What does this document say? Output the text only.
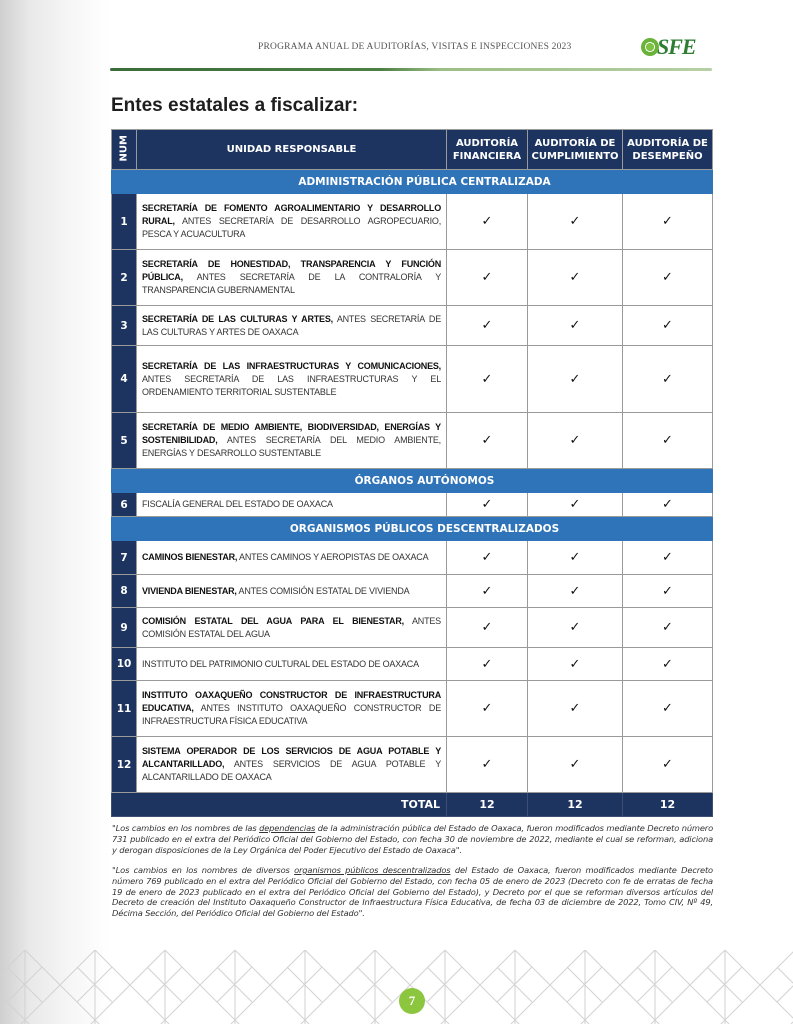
PROGRAMA ANUAL DE AUDITORÍAS, VISITAS E INSPECCIONES 2023	SFE
Entes estatales a fiscalizar:
NUM	UNIDAD RESPONSABLE	AUDITORÍA FINANCIERA	AUDITORÍA DE CUMPLIMIENTO	AUDITORÍA DE DESEMPEÑO
	ADMINISTRACIÓN PÚBLICA CENTRALIZADA			
1	SECRETARÍA DE FOMENTO AGROALIMENTARIO Y DESARROLLO RURAL, ANTES SECRETARÍA DE DESARROLLO AGROPECUARIO, PESCA Y ACUACULTURA	✓	✓	✓
2	SECRETARÍA DE HONESTIDAD, TRANSPARENCIA Y FUNCIÓN PÚBLICA, ANTES SECRETARÍA DE LA CONTRALORÍA Y TRANSPARENCIA GUBERNAMENTAL	✓	✓	✓
3	SECRETARÍA DE LAS CULTURAS Y ARTES, ANTES SECRETARÍA DE LAS CULTURAS Y ARTES DE OAXACA	✓	✓	✓
4	SECRETARÍA DE LAS INFRAESTRUCTURAS Y COMUNICACIONES, ANTES SECRETARÍA DE LAS INFRAESTRUCTURAS Y EL ORDENAMIENTO TERRITORIAL SUSTENTABLE	✓	✓	✓
5	SECRETARÍA DE MEDIO AMBIENTE, BIODIVERSIDAD, ENERGÍAS Y SOSTENIBILIDAD, ANTES SECRETARÍA DEL MEDIO AMBIENTE, ENERGÍAS Y DESARROLLO SUSTENTABLE	✓	✓	✓
	ÓRGANOS AUTÓNOMOS			
6	FISCALÍA GENERAL DEL ESTADO DE OAXACA	✓	✓	✓
	ORGANISMOS PÚBLICOS DESCENTRALIZADOS			
7	CAMINOS BIENESTAR, ANTES CAMINOS Y AEROPISTAS DE OAXACA	✓	✓	✓
8	VIVIENDA BIENESTAR, ANTES COMISIÓN ESTATAL DE VIVIENDA	✓	✓	✓
9	COMISIÓN ESTATAL DEL AGUA PARA EL BIENESTAR, ANTES COMISIÓN ESTATAL DEL AGUA	✓	✓	✓
10	INSTITUTO DEL PATRIMONIO CULTURAL DEL ESTADO DE OAXACA	✓	✓	✓
11	INSTITUTO OAXAQUEÑO CONSTRUCTOR DE INFRAESTRUCTURA EDUCATIVA, ANTES INSTITUTO OAXAQUEÑO CONSTRUCTOR DE INFRAESTRUCTURA FÍSICA EDUCATIVA	✓	✓	✓
12	SISTEMA OPERADOR DE LOS SERVICIOS DE AGUA POTABLE Y ALCANTARILLADO, ANTES SERVICIOS DE AGUA POTABLE Y ALCANTARILLADO DE OAXACA	✓	✓	✓
TOTAL		12	12	12

"Los cambios en los nombres de las dependencias de la administración pública del Estado de Oaxaca, fueron modificados mediante Decreto número 731 publicado en el extra del Periódico Oficial del Gobierno del Estado, con fecha 30 de noviembre de 2022, mediante el cual se reforman, adiciona y derogan disposiciones de la Ley Orgánica del Poder Ejecutivo del Estado de Oaxaca".

"Los cambios en los nombres de diversos organismos públicos descentralizados del Estado de Oaxaca, fueron modificados mediante Decreto número 769 publicado en el extra del Periódico Oficial del Gobierno del Estado, con fecha 05 de enero de 2023 (Decreto con fe de erratas de fecha 19 de enero de 2023 publicado en el extra del Periódico Oficial del Gobierno del Estado), y Decreto por el que se reforman diversos artículos del Decreto de creación del Instituto Oaxaqueño Constructor de Infraestructura Física Educativa, de fecha 03 de diciembre de 2022, Tomo CIV, Nº 49, Décima Sección, del Periódico Oficial del Gobierno del Estado".

7
